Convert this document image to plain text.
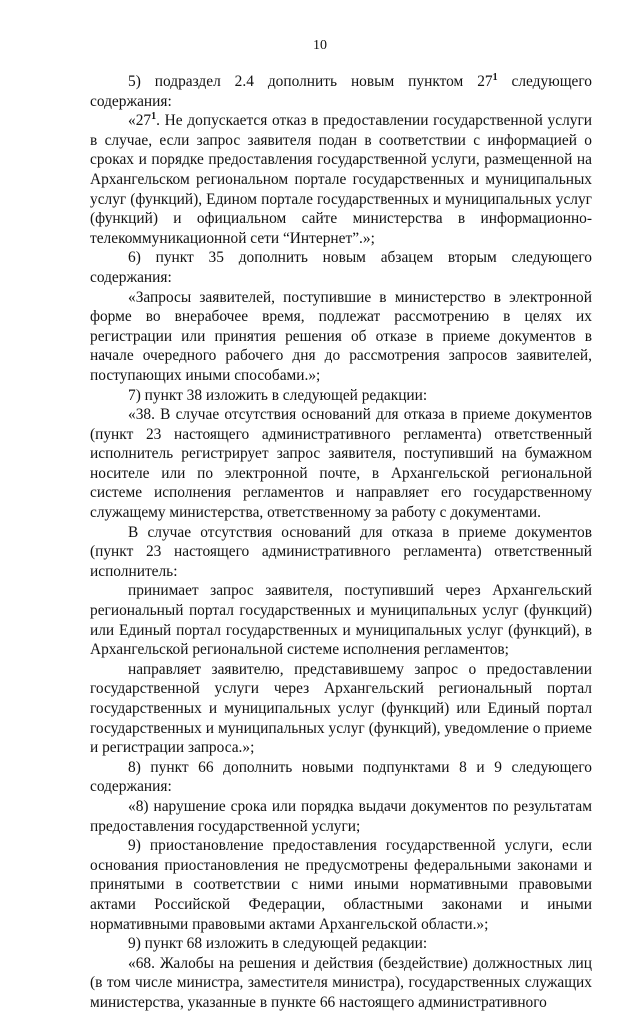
10

5) подраздел 2.4 дополнить новым пунктом $27^1$ следующего содержания:

«$27^1$. Не допускается отказ в предоставлении государственной услуги в случае, если запрос заявителя подан в соответствии с информацией о сроках и порядке предоставления государственной услуги, размещенной на Архангельском региональном портале государственных и муниципальных услуг (функций), Едином портале государственных и муниципальных услуг (функций) и официальном сайте министерства в информационно-телекоммуникационной сети “Интернет”.»;

6) пункт 35 дополнить новым абзацем вторым следующего содержания:

«Запросы заявителей, поступившие в министерство в электронной форме во внерабочее время, подлежат рассмотрению в целях их регистрации или принятия решения об отказе в приеме документов в начале очередного рабочего дня до рассмотрения запросов заявителей, поступающих иными способами.»;

7) пункт 38 изложить в следующей редакции:

«38. В случае отсутствия оснований для отказа в приеме документов (пункт 23 настоящего административного регламента) ответственный исполнитель регистрирует запрос заявителя, поступивший на бумажном носителе или по электронной почте, в Архангельской региональной системе исполнения регламентов и направляет его государственному служащему министерства, ответственному за работу с документами.

В случае отсутствия оснований для отказа в приеме документов (пункт 23 настоящего административного регламента) ответственный исполнитель:

принимает запрос заявителя, поступивший через Архангельский региональный портал государственных и муниципальных услуг (функций) или Единый портал государственных и муниципальных услуг (функций), в Архангельской региональной системе исполнения регламентов;

направляет заявителю, представившему запрос о предоставлении государственной услуги через Архангельский региональный портал государственных и муниципальных услуг (функций) или Единый портал государственных и муниципальных услуг (функций), уведомление о приеме и регистрации запроса.»;

8) пункт 66 дополнить новыми подпунктами 8 и 9 следующего содержания:

«8) нарушение срока или порядка выдачи документов по результатам предоставления государственной услуги;

9) приостановление предоставления государственной услуги, если основания приостановления не предусмотрены федеральными законами и принятыми в соответствии с ними иными нормативными правовыми актами Российской Федерации, областными законами и иными нормативными правовыми актами Архангельской области.»;

9) пункт 68 изложить в следующей редакции:

«68. Жалобы на решения и действия (бездействие) должностных лиц (в том числе министра, заместителя министра), государственных служащих министерства, указанные в пункте 66 настоящего административного
